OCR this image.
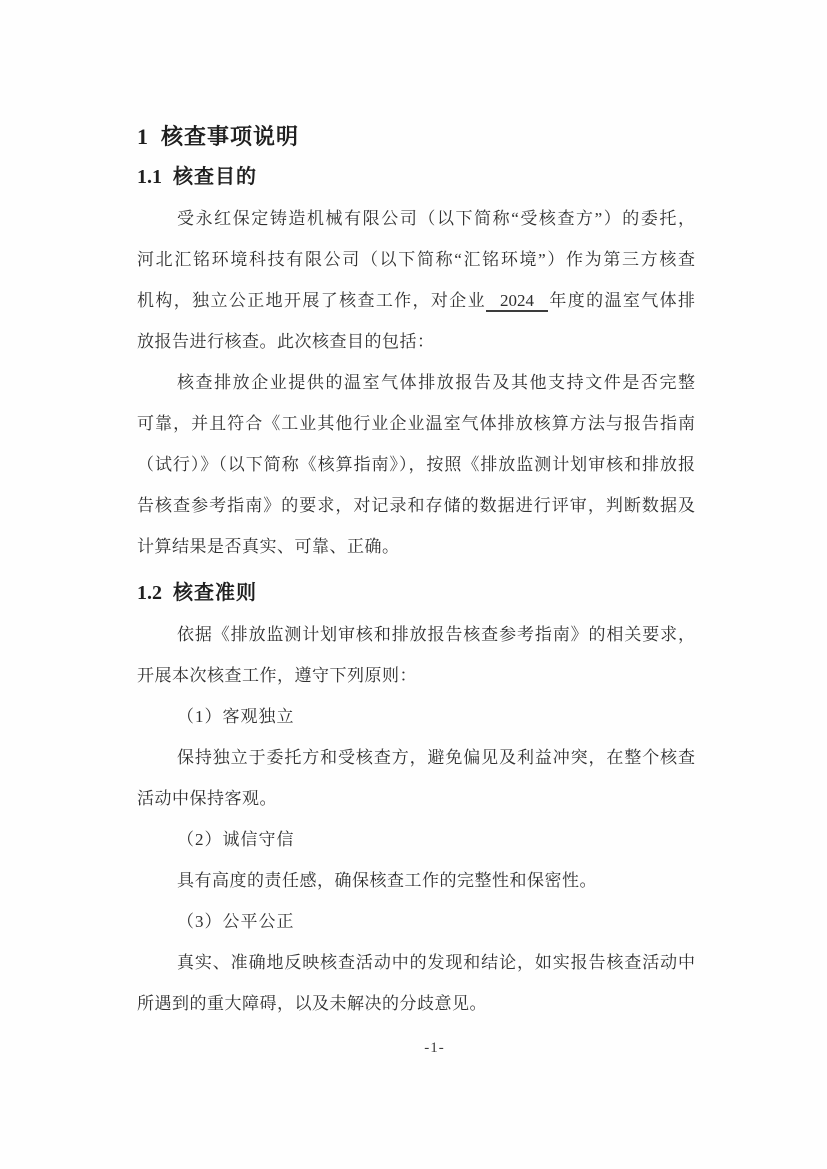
1 核查事项说明
1.1 核查目的
受永红保定铸造机械有限公司（以下简称“受核查方”）的委托，
河北汇铭环境科技有限公司（以下简称“汇铭环境”）作为第三方核查
机构，独立公正地开展了核查工作，对企业 2024 年度的温室气体排
放报告进行核查。此次核查目的包括：
核查排放企业提供的温室气体排放报告及其他支持文件是否完整
可靠，并且符合《工业其他行业企业温室气体排放核算方法与报告指南
（试行）》（以下简称《核算指南》），按照《排放监测计划审核和排放报
告核查参考指南》的要求，对记录和存储的数据进行评审，判断数据及
计算结果是否真实、可靠、正确。
1.2 核查准则
依据《排放监测计划审核和排放报告核查参考指南》的相关要求，
开展本次核查工作，遵守下列原则：
（1）客观独立
保持独立于委托方和受核查方，避免偏见及利益冲突，在整个核查
活动中保持客观。
（2）诚信守信
具有高度的责任感，确保核查工作的完整性和保密性。
（3）公平公正
真实、准确地反映核查活动中的发现和结论，如实报告核查活动中
所遇到的重大障碍，以及未解决的分歧意见。
-1-
